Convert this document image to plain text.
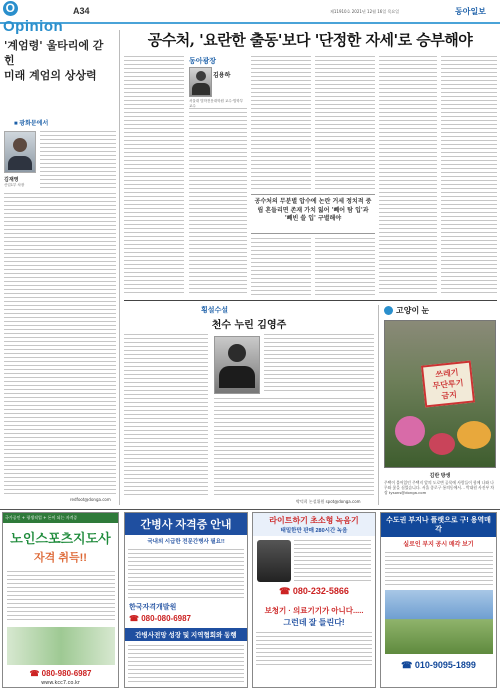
OOpinion
A34	제11910호 2021년 12월 16일 목요일	동아일보
'계엄령' 울타리에 갇힌
미래 계엄의 상상력
■ 광화문에서
김재영
산업1부 차장
redfoot@donga.com
공수처, '요란한 출동'보다 '단정한 자세'로 승부해야
동아광장
김용하
서울대 법학전문대학원 교수·법학부 교수
공수처의 무분별 압수에 논란 거세 정치적 중립 흔들리면 존재 가치 잃어 '빼어 탐 입'과 '빼빈 쓸 입' 구별해야
횡설수설
천수 누린 김영주
박덕희 논설위원 spot@donga.com
고양이 눈
쓰레기
무단투기
금지
김란 방생
주택이 붙어있던 주택지 앞의 도로변 골목에 사람들이 함께 나와 나무와 꽃을 심었습니다. 서울 종로구 통의동에서. - 박대원 사진부 차장 tysons@donga.com
국가공인 + 평생직업 + 돈이 되는 자격증
노인스포츠지도사
자격 취득!!
☎ 080-980-6987
www.kcc7.co.kr
간병사 자격증 안내
국내외 시급한 전문간병사 필요!!
한국자격개발원
☎ 080-080-6987
간병사전망 성장 및 지역협회와 동행
라이트하기 초소형 녹음기
태밀한만 판매 280시간 녹음
☎ 080-232-5866
보청기 · 의료기기가 아니다.....
그런데 잘 들린다!
수도권 부지나 플랫으로 구! 용역매각
실로인 부지 공시 매각 보기
☎ 010-9095-1899
